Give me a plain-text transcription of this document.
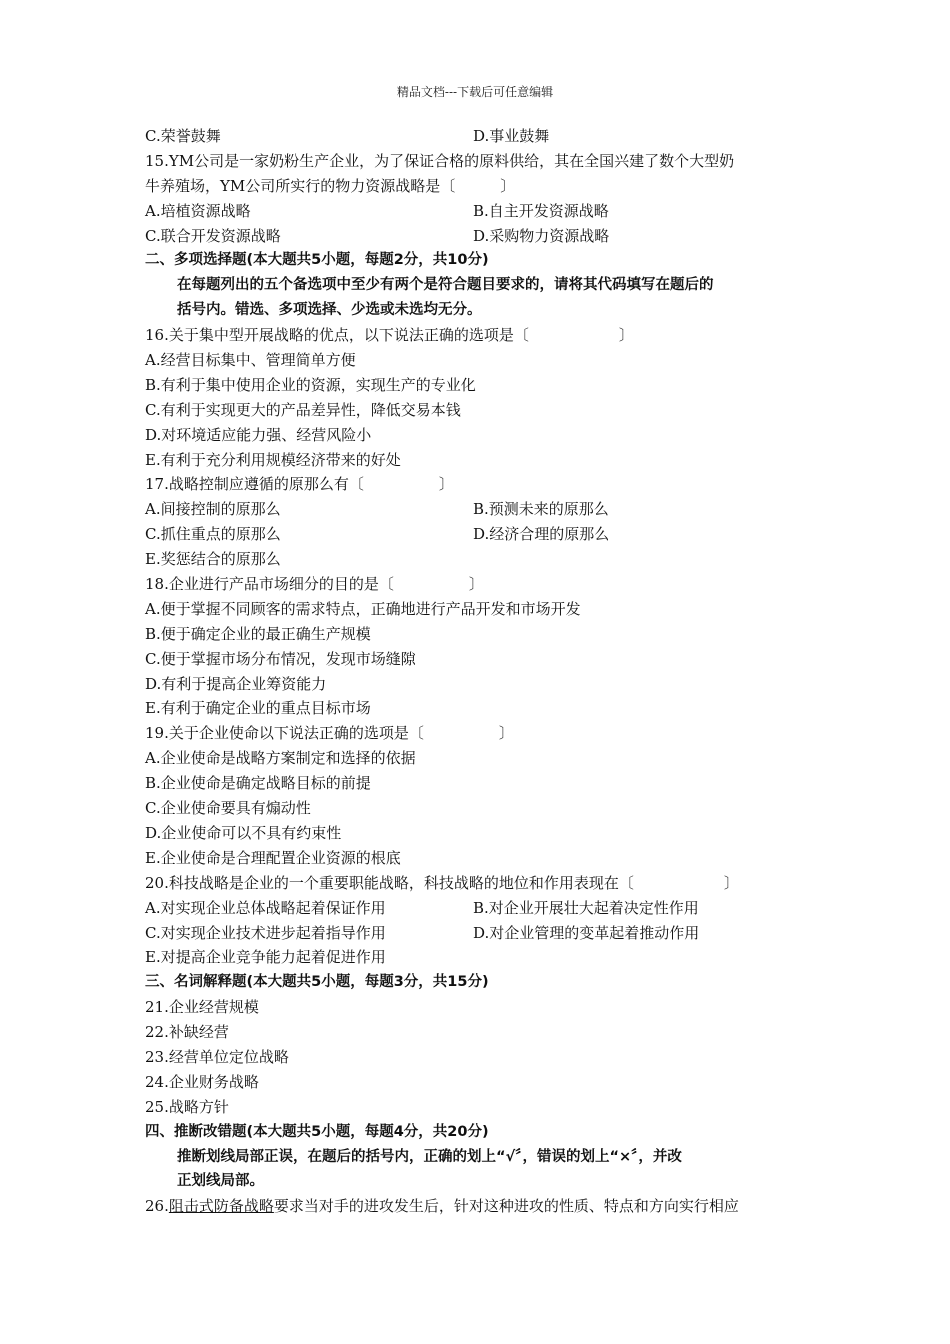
精品文档---下载后可任意编辑
C.荣誉鼓舞	D.事业鼓舞
15.YM公司是一家奶粉生产企业，为了保证合格的原料供给，其在全国兴建了数个大型奶
牛养殖场，YM公司所实行的物力资源战略是〔　　　〕
A.培植资源战略	B.自主开发资源战略
C.联合开发资源战略	D.采购物力资源战略
二、多项选择题(本大题共5小题，每题2分，共10分)
在每题列出的五个备选项中至少有两个是符合题目要求的，请将其代码填写在题后的
括号内。错选、多项选择、少选或未选均无分。
16.关于集中型开展战略的优点，以下说法正确的选项是〔　　　　　　〕
A.经营目标集中、管理简单方便
B.有利于集中使用企业的资源，实现生产的专业化
C.有利于实现更大的产品差异性，降低交易本钱
D.对环境适应能力强、经营风险小
E.有利于充分利用规模经济带来的好处
17.战略控制应遵循的原那么有〔　　　　　〕
A.间接控制的原那么	B.预测未来的原那么
C.抓住重点的原那么	D.经济合理的原那么
E.奖惩结合的原那么
18.企业进行产品市场细分的目的是〔　　　　　〕
A.便于掌握不同顾客的需求特点，正确地进行产品开发和市场开发
B.便于确定企业的最正确生产规模
C.便于掌握市场分布情况，发现市场缝隙
D.有利于提高企业筹资能力
E.有利于确定企业的重点目标市场
19.关于企业使命以下说法正确的选项是〔　　　　　〕
A.企业使命是战略方案制定和选择的依据
B.企业使命是确定战略目标的前提
C.企业使命要具有煽动性
D.企业使命可以不具有约束性
E.企业使命是合理配置企业资源的根底
20.科技战略是企业的一个重要职能战略，科技战略的地位和作用表现在〔　　　　　　〕
A.对实现企业总体战略起着保证作用	B.对企业开展壮大起着决定性作用
C.对实现企业技术进步起着指导作用	D.对企业管理的变革起着推动作用
E.对提高企业竞争能力起着促进作用
三、名词解释题(本大题共5小题，每题3分，共15分)
21.企业经营规模
22.补缺经营
23.经营单位定位战略
24.企业财务战略
25.战略方针
四、推断改错题(本大题共5小题，每题4分，共20分)
推断划线局部正误，在题后的括号内，正确的划上“√〞，错误的划上“×〞，并改
正划线局部。
26.阻击式防备战略要求当对手的进攻发生后，针对这种进攻的性质、特点和方向实行相应
